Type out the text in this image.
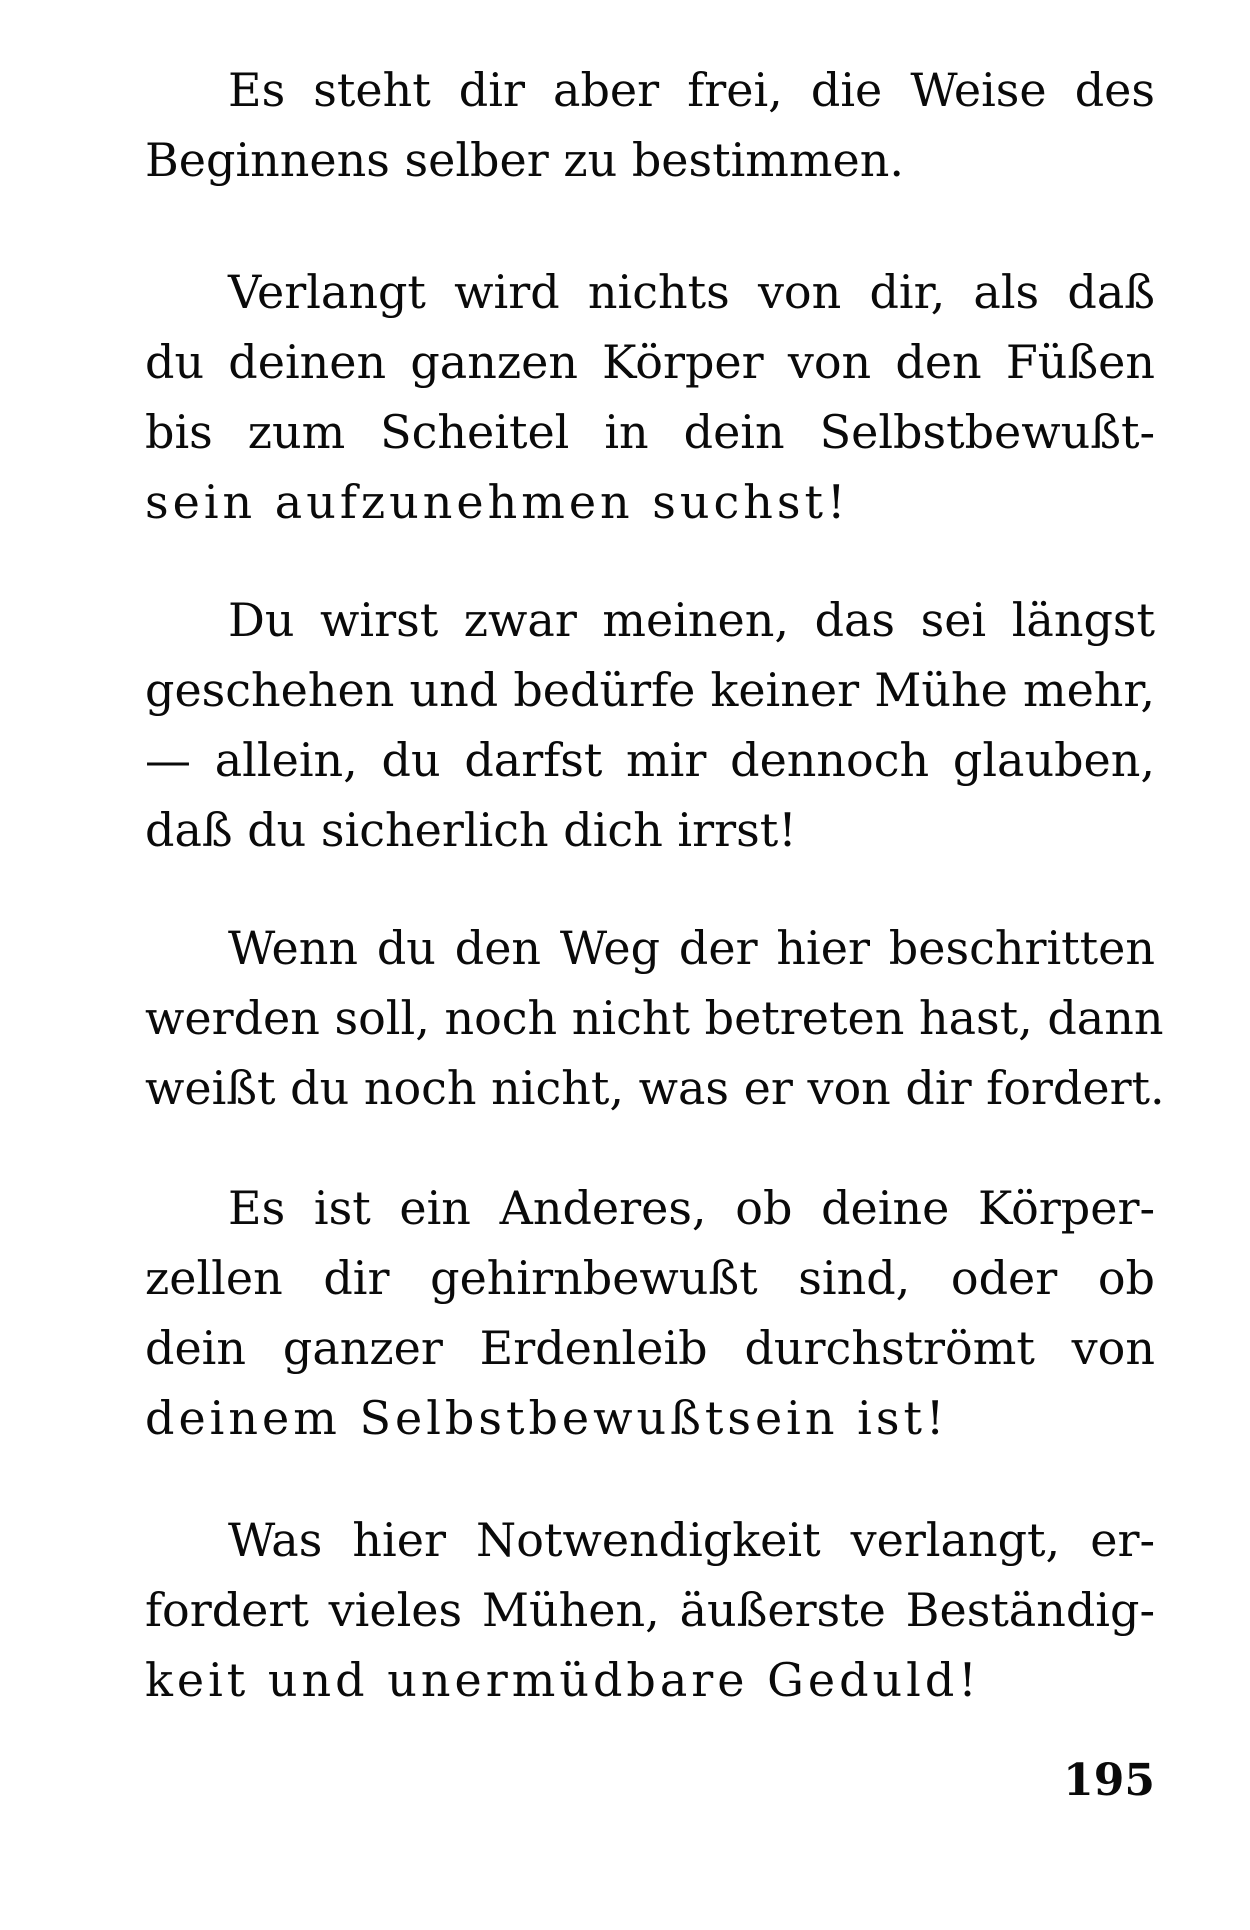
Es steht dir aber frei, die Weise des
Beginnens selber zu bestimmen.
Verlangt wird nichts von dir, als daß
du deinen ganzen Körper von den Füßen
bis zum Scheitel in dein Selbstbewußt-
sein aufzunehmen suchst!
Du wirst zwar meinen, das sei längst
geschehen und bedürfe keiner Mühe mehr,
— allein, du darfst mir dennoch glauben,
daß du sicherlich dich irrst!
Wenn du den Weg der hier beschritten
werden soll, noch nicht betreten hast, dann
weißt du noch nicht, was er von dir fordert.
Es ist ein Anderes, ob deine Körper-
zellen dir gehirnbewußt sind, oder ob
dein ganzer Erdenleib durchströmt von
deinem Selbstbewußtsein ist!
Was hier Notwendigkeit verlangt, er-
fordert vieles Mühen, äußerste Beständig-
keit und unermüdbare Geduld!
195
